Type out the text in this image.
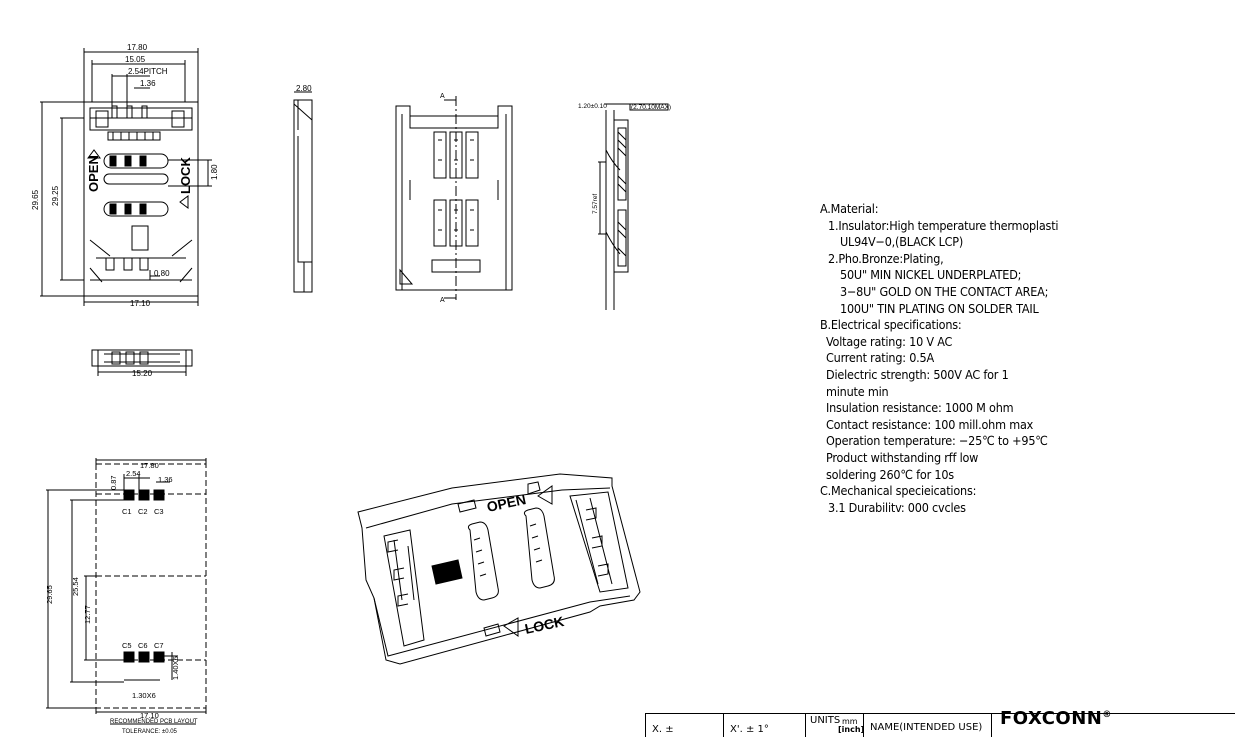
17.80
15.05
2.54PITCH
1.36
17.10
0.80
29.65 29.25
1.80
OPEN	LOCK
15.20
2.80
A
A
1.20±0.10	(2.70.10MAX)
7.57ref
17.80
2.54
1.36
0.87
29.65 25.54
12.77
C1 C2 C3
C5 C6 C7
1.30X6
1.40X6
17.10
RECOMMENDED PCB LAYOUT
TOLERANCE: ±0.05
OPEN
LOCK
A.Material:
1.Insulator:High temperature thermoplasti
UL94V−0,(BLACK LCP)
2.Pho.Bronze:Plating,
50U" MIN NICKEL UNDERPLATED;
3−8U" GOLD ON THE CONTACT AREA;
100U" TIN PLATING ON SOLDER TAIL
B.Electrical specifications:
Voltage rating: 10 V AC
Current rating: 0.5A
Dielectric strength: 500V AC for 1
minute min
Insulation resistance: 1000 M ohm
Contact resistance: 100 mill.ohm max
Operation temperature: −25℃ to +95℃
Product withstanding rff low
soldering 260℃ for 10s
C.Mechanical specieications:
3.1 Durabilitv: 000 cvcles
X. ±	X'. ± 1°
UNITS mm
[inch] NAME(INTENDED USE) FOXCONN®
